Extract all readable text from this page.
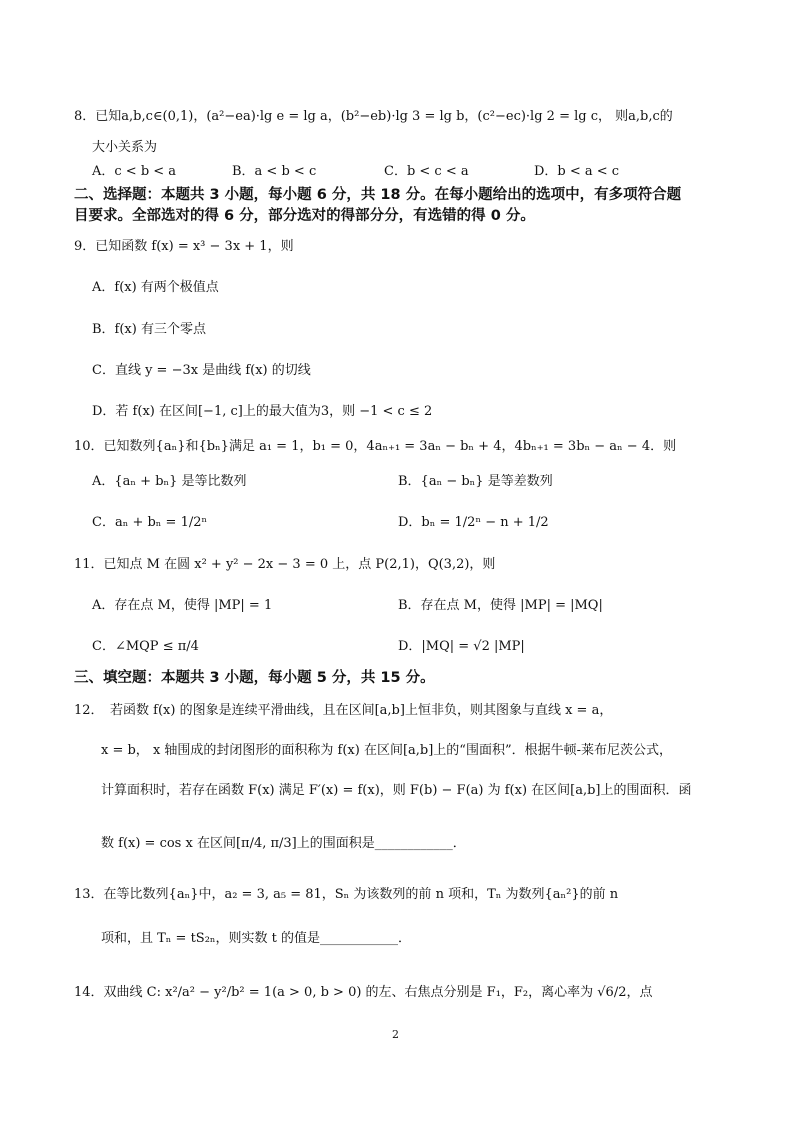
8．已知a,b,c∈(0,1)，(a²−ea)·lg e = lg a，(b²−eb)·lg 3 = lg b，(c²−ec)·lg 2 = lg c， 则a,b,c的
大小关系为
A．c < b < a	B．a < b < c	C．b < c < a	D．b < a < c
二、选择题：本题共 3 小题，每小题 6 分，共 18 分。在每小题给出的选项中，有多项符合题
目要求。全部选对的得 6 分，部分选对的得部分分，有选错的得 0 分。
9．已知函数 f(x) = x³ − 3x + 1，则
A．f(x) 有两个极值点
B．f(x) 有三个零点
C．直线 y = −3x 是曲线 f(x) 的切线
D．若 f(x) 在区间[−1, c]上的最大值为3，则 −1 < c ≤ 2
10．已知数列{aₙ}和{bₙ}满足 a₁ = 1，b₁ = 0，4aₙ₊₁ = 3aₙ − bₙ + 4，4bₙ₊₁ = 3bₙ − aₙ − 4．则
A．{aₙ + bₙ} 是等比数列	B．{aₙ − bₙ} 是等差数列
C．aₙ + bₙ = 1/2ⁿ	D．bₙ = 1/2ⁿ − n + 1/2
11．已知点 M 在圆 x² + y² − 2x − 3 = 0 上，点 P(2,1)，Q(3,2)，则
A．存在点 M，使得 |MP| = 1	B．存在点 M，使得 |MP| = |MQ|
C．∠MQP ≤ π/4	D．|MQ| = √2 |MP|
三、填空题：本题共 3 小题，每小题 5 分，共 15 分。
12．　若函数 f(x) 的图象是连续平滑曲线，且在区间[a,b]上恒非负，则其图象与直线 x = a，
x = b， x 轴围成的封闭图形的面积称为 f(x) 在区间[a,b]上的“围面积”．根据牛顿-莱布尼茨公式，
计算面积时，若存在函数 F(x) 满足 F′(x) = f(x)，则 F(b) − F(a) 为 f(x) 在区间[a,b]上的围面积．函
数 f(x) = cos x 在区间[π/4, π/3]上的围面积是____________．
13．在等比数列{aₙ}中，a₂ = 3, a₅ = 81，Sₙ 为该数列的前 n 项和，Tₙ 为数列{aₙ²}的前 n
项和，且 Tₙ = tS₂ₙ，则实数 t 的值是____________．
14．双曲线 C: x²/a² − y²/b² = 1(a > 0, b > 0) 的左、右焦点分别是 F₁，F₂，离心率为 √6/2，点
2
